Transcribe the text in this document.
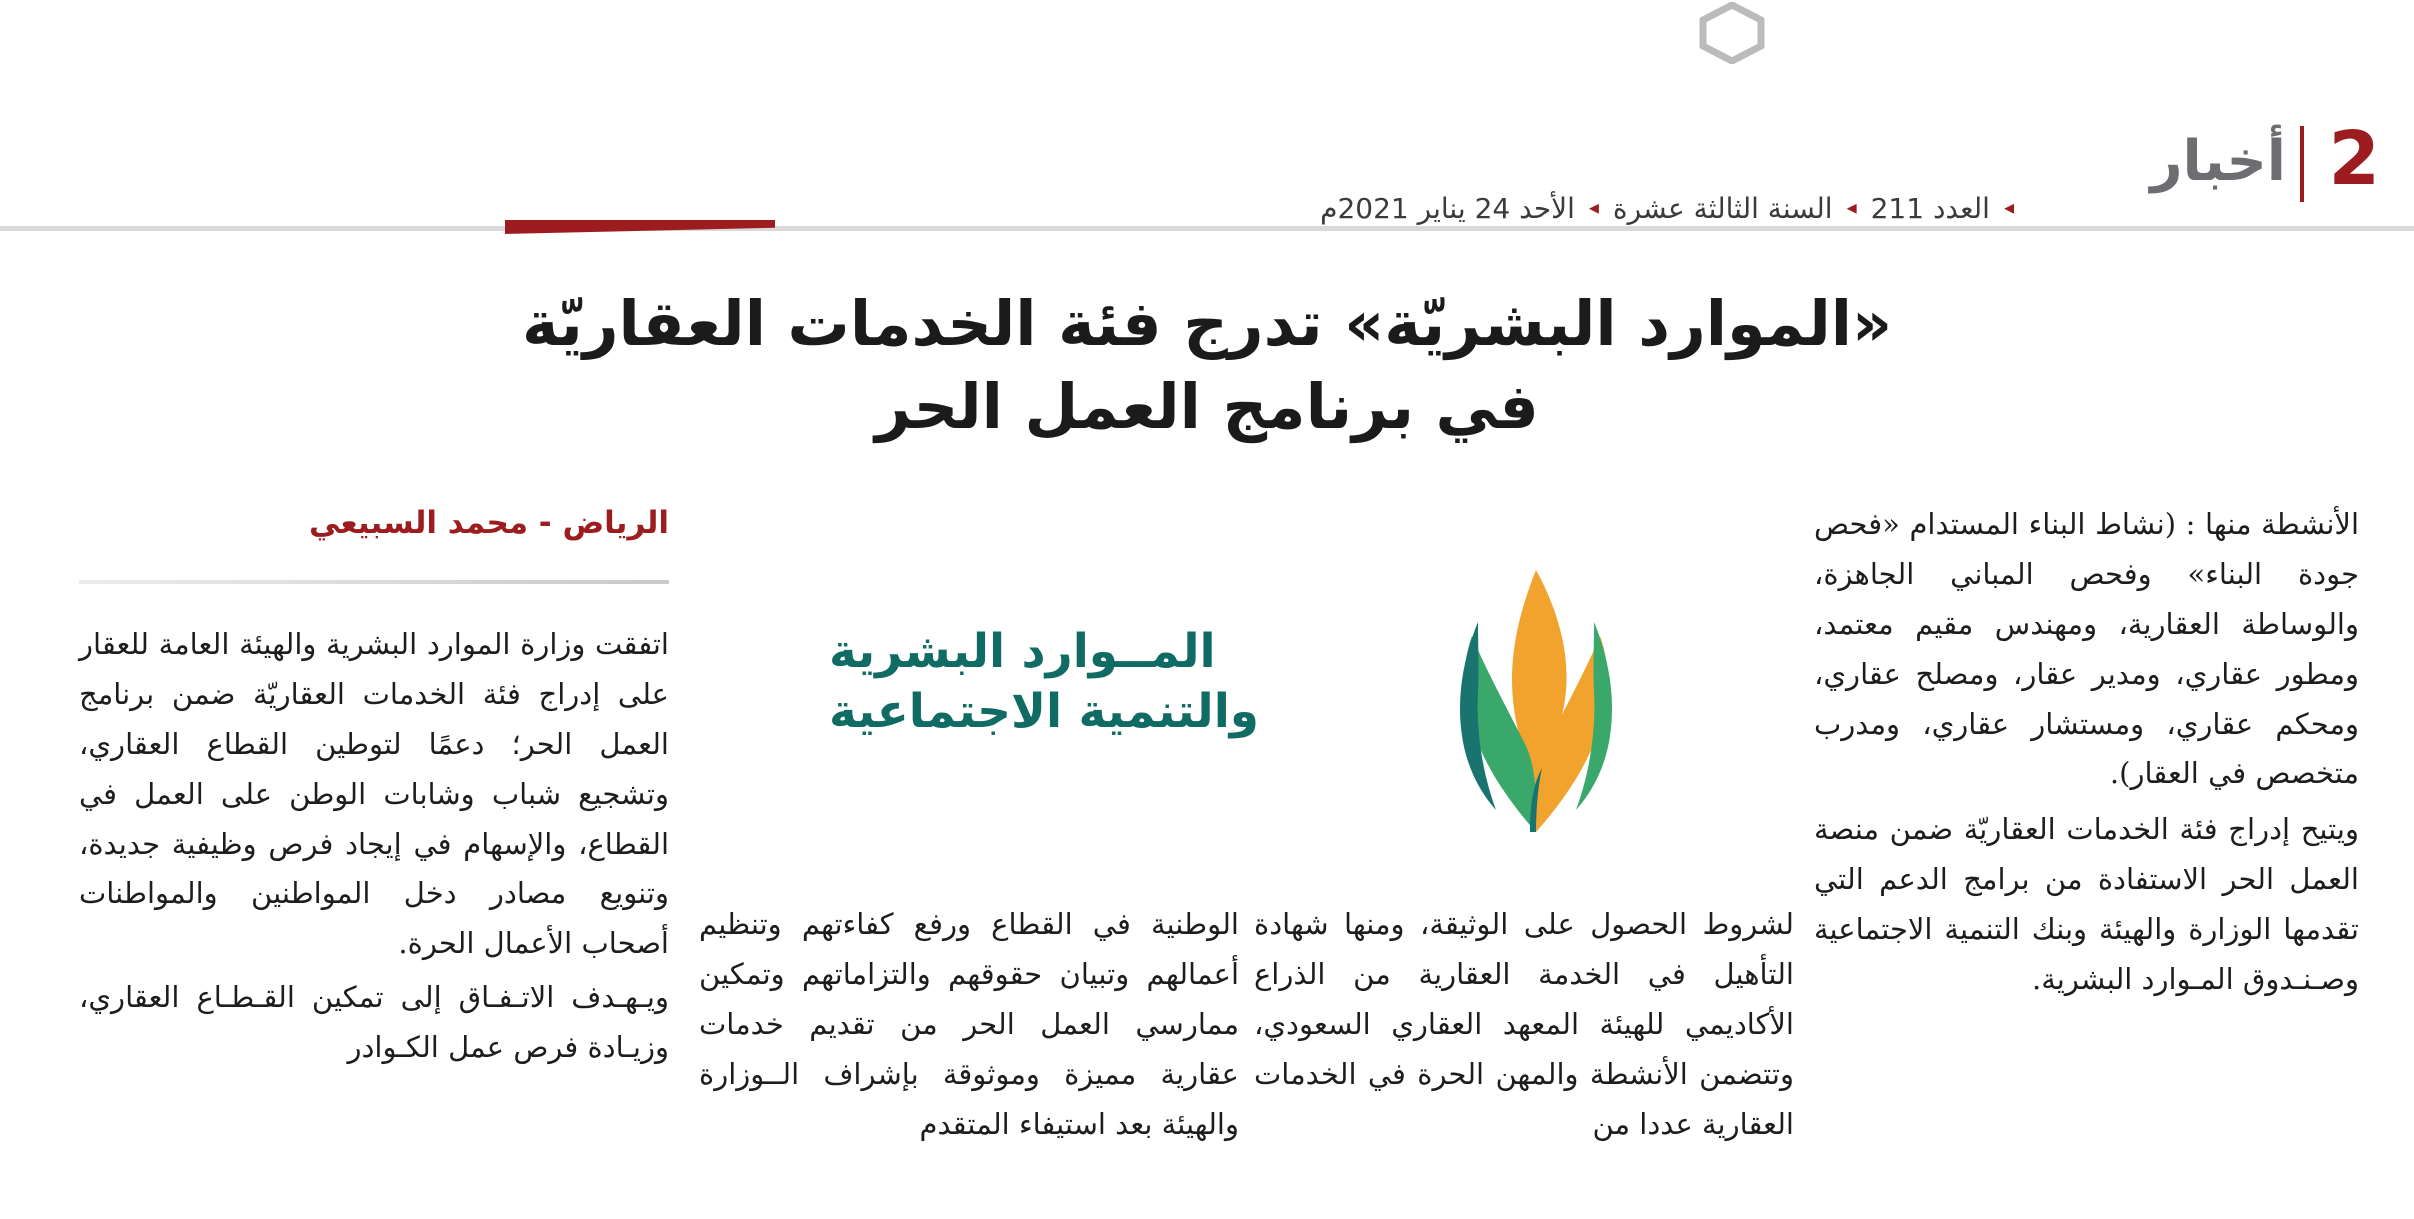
2
أخبار
◂
العدد 211
◂
السنة الثالثة عشرة
◂
الأحد 24 يناير 2021م
«الموارد البشريّة» تدرج فئة الخدمات العقاريّة
في برنامج العمل الحر
الرياض - محمد السبيعي
المــوارد البشرية
والتنمية الاجتماعية

اتفقت وزارة الموارد البشرية والهيئة العامة للعقار على إدراج فئة الخدمات العقاريّة ضمن برنامج العمل الحر؛ دعمًا لتوطين القطاع العقاري، وتشجيع شباب وشابات الوطن على العمل في القطاع، والإسهام في إيجاد فرص وظيفية جديدة، وتنويع مصادر دخل المواطنين والمواطنات أصحاب الأعمال الحرة.

ويـهـدف الاتـفـاق إلى تمكين القـطـاع العقاري، وزيـادة فرص عمل الكـوادر

الوطنية في القطاع ورفع كفاءتهم وتنظيم أعمالهم وتبيان حقوقهم والتزاماتهم وتمكين ممارسي العمل الحر من تقديم خدمات عقارية مميزة وموثوقة بإشراف الــوزارة والهيئة بعد استيفاء المتقدم

لشروط الحصول على الوثيقة، ومنها شهادة التأهيل في الخدمة العقارية من الذراع الأكاديمي للهيئة المعهد العقاري السعودي، وتتضمن الأنشطة والمهن الحرة في الخدمات العقارية عددا من

الأنشطة منها : (نشاط البناء المستدام «فحص جودة البناء» وفحص المباني الجاهزة، والوساطة العقارية، ومهندس مقيم معتمد، ومطور عقاري، ومدير عقار، ومصلح عقاري، ومحكم عقاري، ومستشار عقاري، ومدرب متخصص في العقار).

ويتيح إدراج فئة الخدمات العقاريّة ضمن منصة العمل الحر الاستفادة من برامج الدعم التي تقدمها الوزارة والهيئة وبنك التنمية الاجتماعية وصـنـدوق المـوارد البشرية.
